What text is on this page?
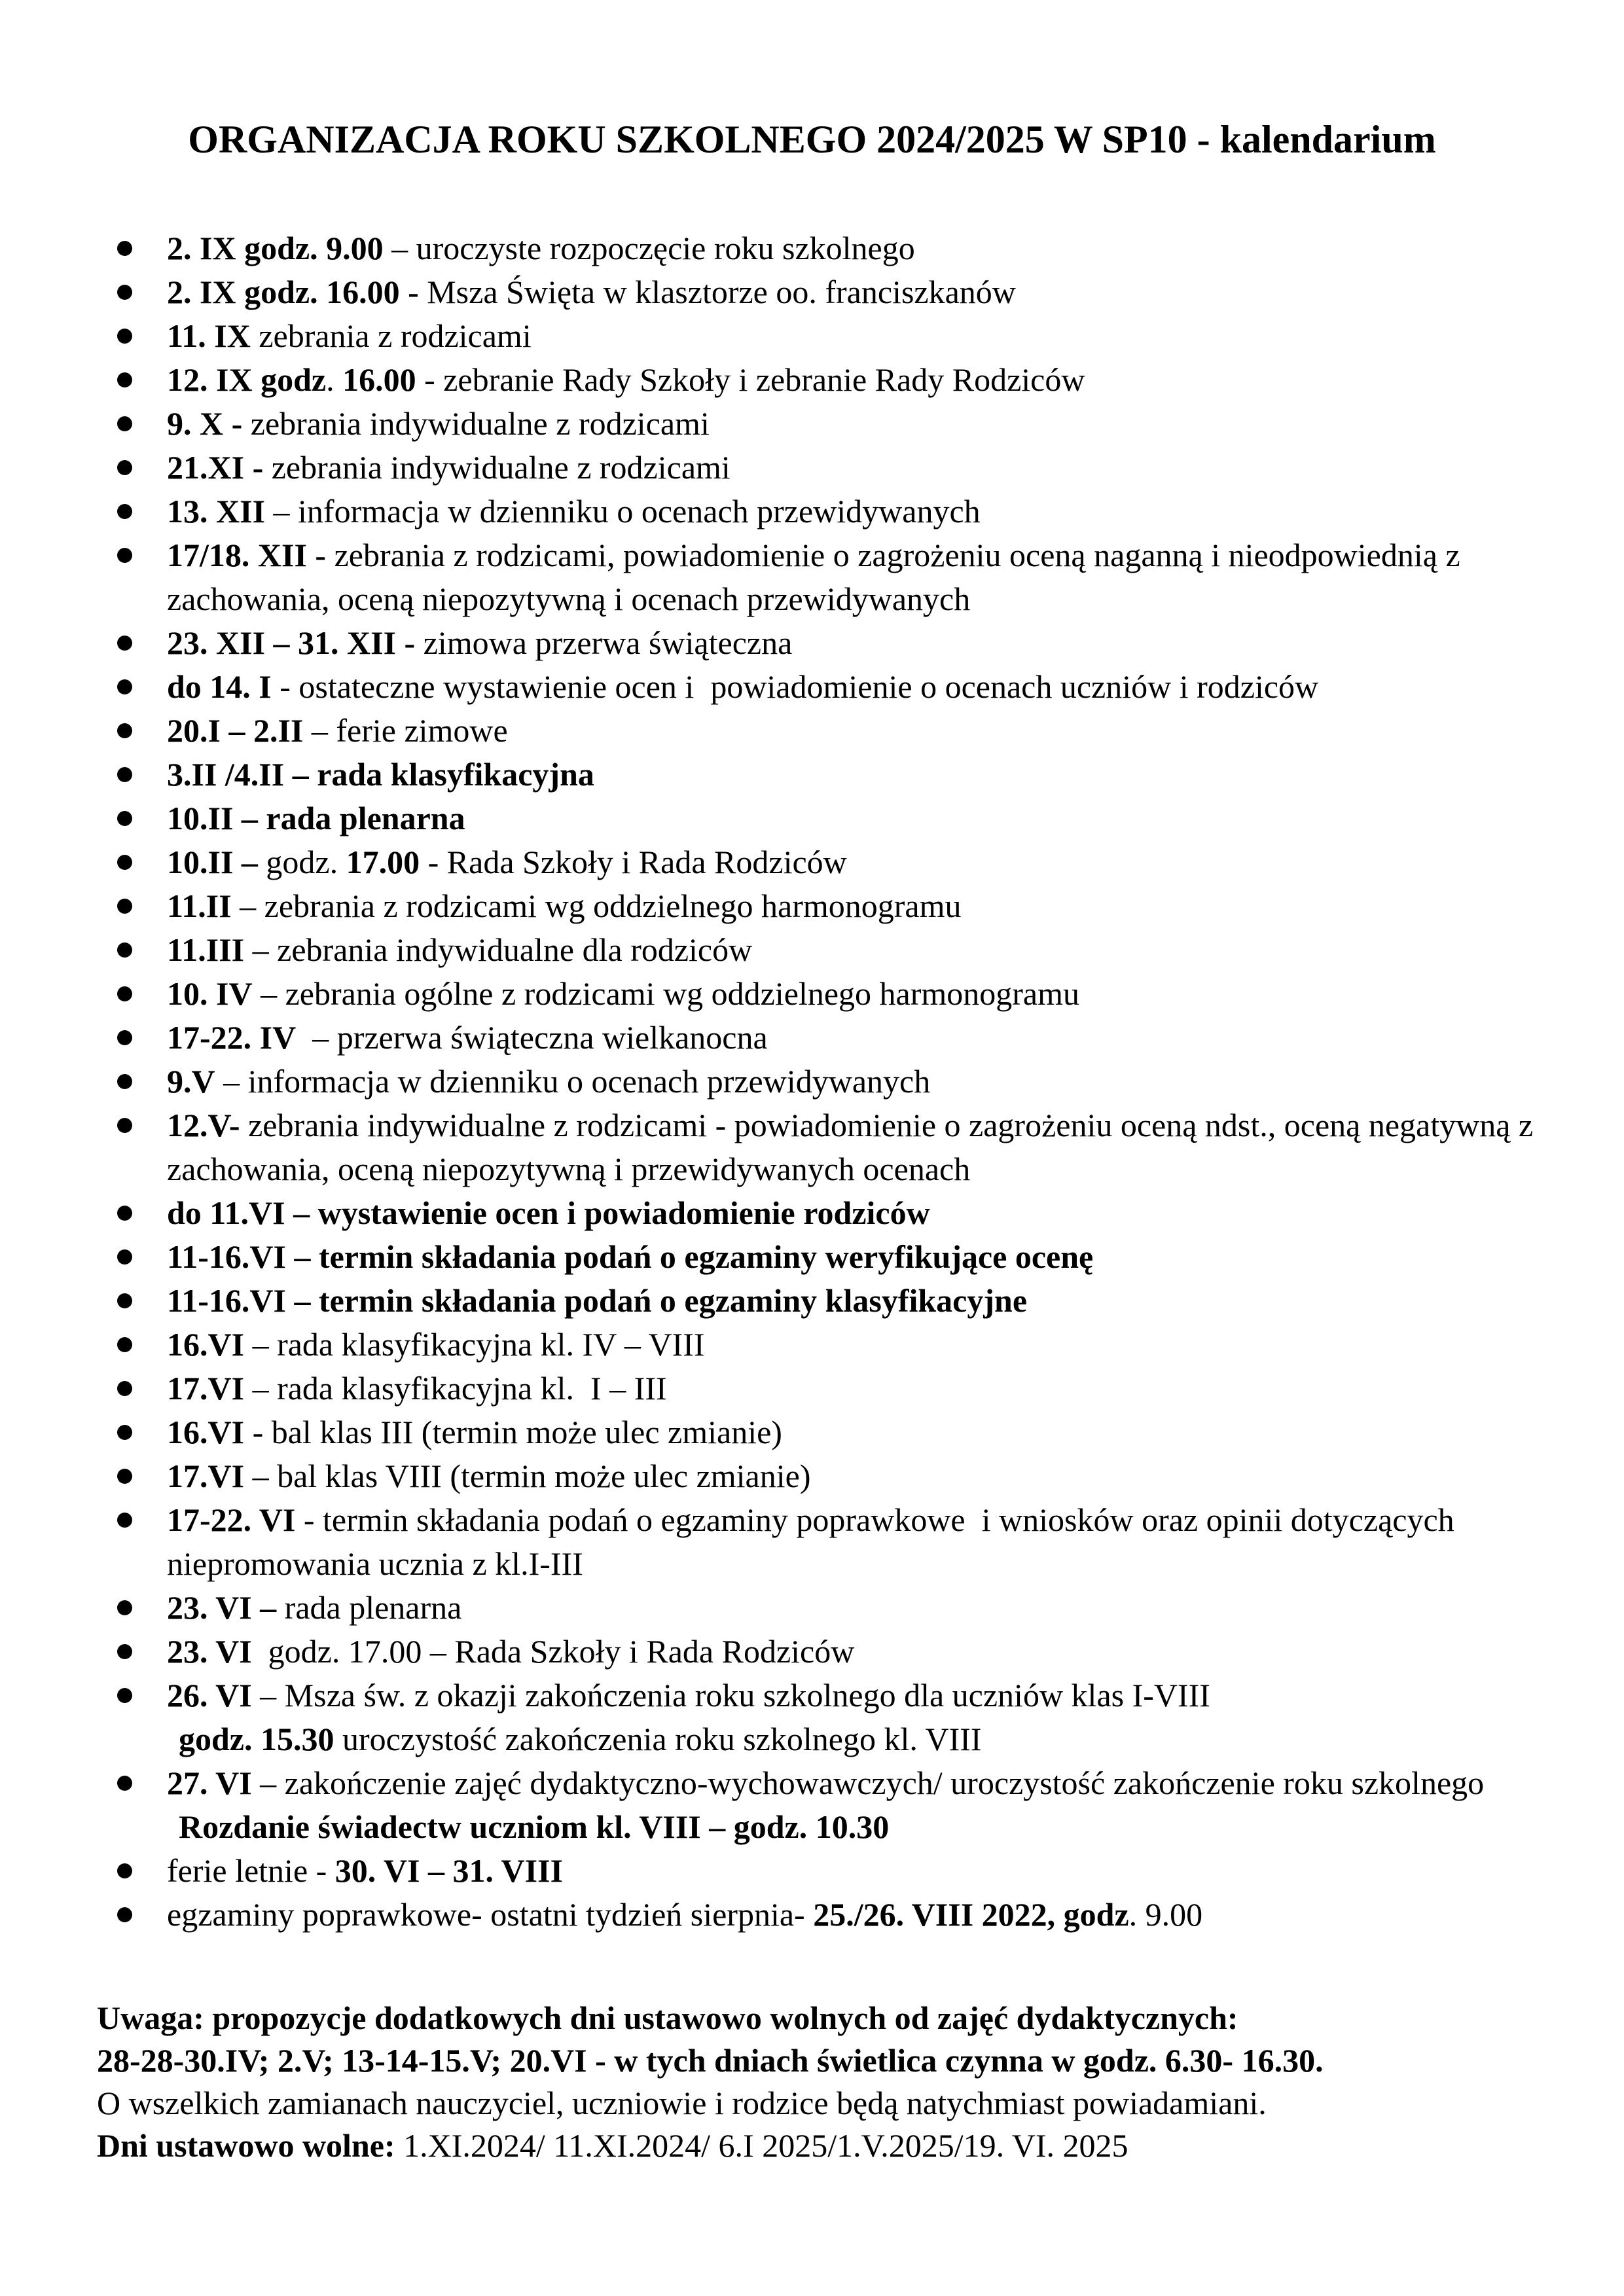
ORGANIZACJA ROKU SZKOLNEGO 2024/2025 W SP10 - kalendarium
2. IX godz. 9.00 – uroczyste rozpoczęcie roku szkolnego
2. IX godz. 16.00 - Msza Święta w klasztorze oo. franciszkanów
11. IX zebrania z rodzicami
12. IX godz. 16.00 - zebranie Rady Szkoły i zebranie Rady Rodziców
9. X - zebrania indywidualne z rodzicami
21.XI - zebrania indywidualne z rodzicami
13. XII – informacja w dzienniku o ocenach przewidywanych
17/18. XII - zebrania z rodzicami, powiadomienie o zagrożeniu oceną naganną i nieodpowiednią z zachowania, oceną niepozytywną i ocenach przewidywanych
23. XII – 31. XII - zimowa przerwa świąteczna
do 14. I - ostateczne wystawienie ocen i  powiadomienie o ocenach uczniów i rodziców
20.I – 2.II – ferie zimowe
3.II /4.II – rada klasyfikacyjna
10.II – rada plenarna
10.II – godz. 17.00 - Rada Szkoły i Rada Rodziców
11.II – zebrania z rodzicami wg oddzielnego harmonogramu
11.III – zebrania indywidualne dla rodziców
10. IV – zebrania ogólne z rodzicami wg oddzielnego harmonogramu
17-22. IV  – przerwa świąteczna wielkanocna
9.V – informacja w dzienniku o ocenach przewidywanych
12.V- zebrania indywidualne z rodzicami - powiadomienie o zagrożeniu oceną ndst., oceną negatywną z zachowania, oceną niepozytywną i przewidywanych ocenach
do 11.VI – wystawienie ocen i powiadomienie rodziców
11-16.VI – termin składania podań o egzaminy weryfikujące ocenę
11-16.VI – termin składania podań o egzaminy klasyfikacyjne
16.VI – rada klasyfikacyjna kl. IV – VIII
17.VI – rada klasyfikacyjna kl.  I – III
16.VI - bal klas III (termin może ulec zmianie)
17.VI – bal klas VIII (termin może ulec zmianie)
17-22. VI - termin składania podań o egzaminy poprawkowe  i wniosków oraz opinii dotyczących niepromowania ucznia z kl.I-III
23. VI – rada plenarna
23. VI  godz. 17.00 – Rada Szkoły i Rada Rodziców
26. VI – Msza św. z okazji zakończenia roku szkolnego dla uczniów klas I-VIII
godz. 15.30 uroczystość zakończenia roku szkolnego kl. VIII
27. VI – zakończenie zajęć dydaktyczno-wychowawczych/ uroczystość zakończenie roku szkolnego
Rozdanie świadectw uczniom kl. VIII – godz. 10.30
ferie letnie - 30. VI – 31. VIII
egzaminy poprawkowe- ostatni tydzień sierpnia- 25./26. VIII 2022, godz. 9.00

Uwaga: propozycje dodatkowych dni ustawowo wolnych od zajęć dydaktycznych:

28-28-30.IV; 2.V; 13-14-15.V; 20.VI - w tych dniach świetlica czynna w godz. 6.30- 16.30.

O wszelkich zamianach nauczyciel, uczniowie i rodzice będą natychmiast powiadamiani.

Dni ustawowo wolne: 1.XI.2024/ 11.XI.2024/ 6.I 2025/1.V.2025/19. VI. 2025
